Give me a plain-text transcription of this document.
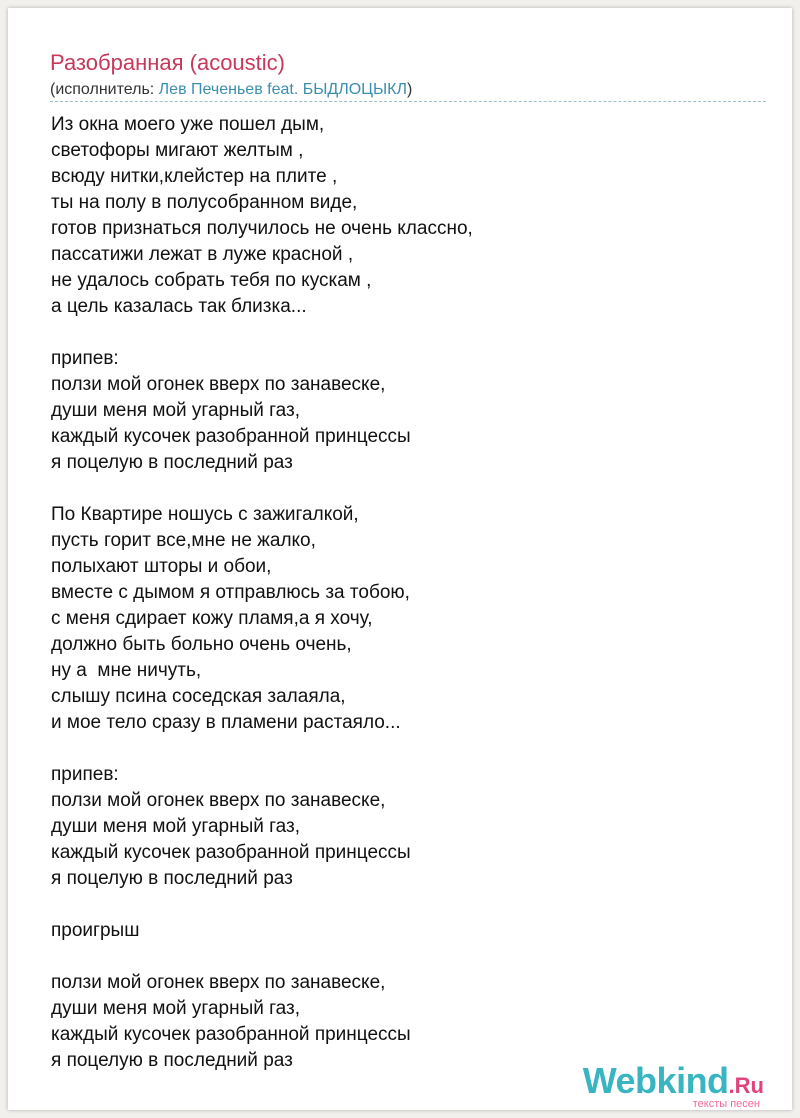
Разобранная (acoustic)
(исполнитель: Лев Печеньев feat. БЫДЛОЦЫКЛ)
Из окна моего уже пошел дым,
светофоры мигают желтым ,
всюду нитки,клейстер на плите ,
ты на полу в полусобранном виде,
готов признаться получилось не очень классно,
пассатижи лежат в луже красной ,
не удалось собрать тебя по кускам ,
а цель казалась так близка...
припев:
ползи мой огонек вверх по занавеске,
души меня мой угарный газ,
каждый кусочек разобранной принцессы
я поцелую в последний раз
По Квартире ношусь с зажигалкой,
пусть горит все,мне не жалко,
полыхают шторы и обои,
вместе с дымом я отправлюсь за тобою,
с меня сдирает кожу пламя,а я хочу,
должно быть больно очень очень,
ну а  мне ничуть,
слышу псина соседская залаяла,
и мое тело сразу в пламени растаяло...
припев:
ползи мой огонек вверх по занавеске,
души меня мой угарный газ,
каждый кусочек разобранной принцессы
я поцелую в последний раз
проигрыш
ползи мой огонек вверх по занавеске,
души меня мой угарный газ,
каждый кусочек разобранной принцессы
я поцелую в последний раз	Webkind.Ru
тексты песен
